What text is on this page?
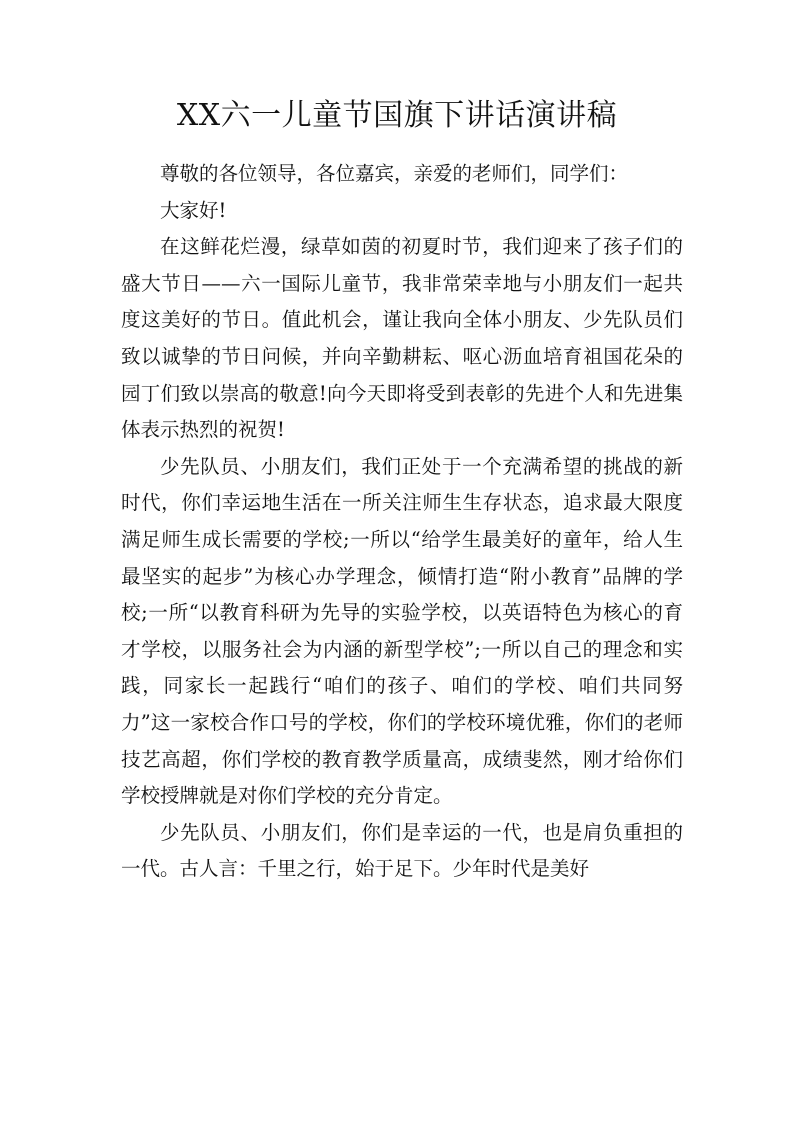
XX六一儿童节国旗下讲话演讲稿

尊敬的各位领导，各位嘉宾，亲爱的老师们，同学们：

大家好!

在这鲜花烂漫，绿草如茵的初夏时节，我们迎来了孩子们的盛大节日——六一国际儿童节，我非常荣幸地与小朋友们一起共度这美好的节日。值此机会，谨让我向全体小朋友、少先队员们致以诚挚的节日问候，并向辛勤耕耘、呕心沥血培育祖国花朵的园丁们致以崇高的敬意!向今天即将受到表彰的先进个人和先进集体表示热烈的祝贺!

少先队员、小朋友们，我们正处于一个充满希望的挑战的新时代，你们幸运地生活在一所关注师生生存状态，追求最大限度满足师生成长需要的学校;一所以“给学生最美好的童年，给人生最坚实的起步”为核心办学理念，倾情打造“附小教育”品牌的学校;一所“以教育科研为先导的实验学校，以英语特色为核心的育才学校，以服务社会为内涵的新型学校”;一所以自己的理念和实践，同家长一起践行“咱们的孩子、咱们的学校、咱们共同努力”这一家校合作口号的学校，你们的学校环境优雅，你们的老师技艺高超，你们学校的教育教学质量高，成绩斐然，刚才给你们学校授牌就是对你们学校的充分肯定。

少先队员、小朋友们，你们是幸运的一代，也是肩负重担的一代。古人言：千里之行，始于足下。少年时代是美好
